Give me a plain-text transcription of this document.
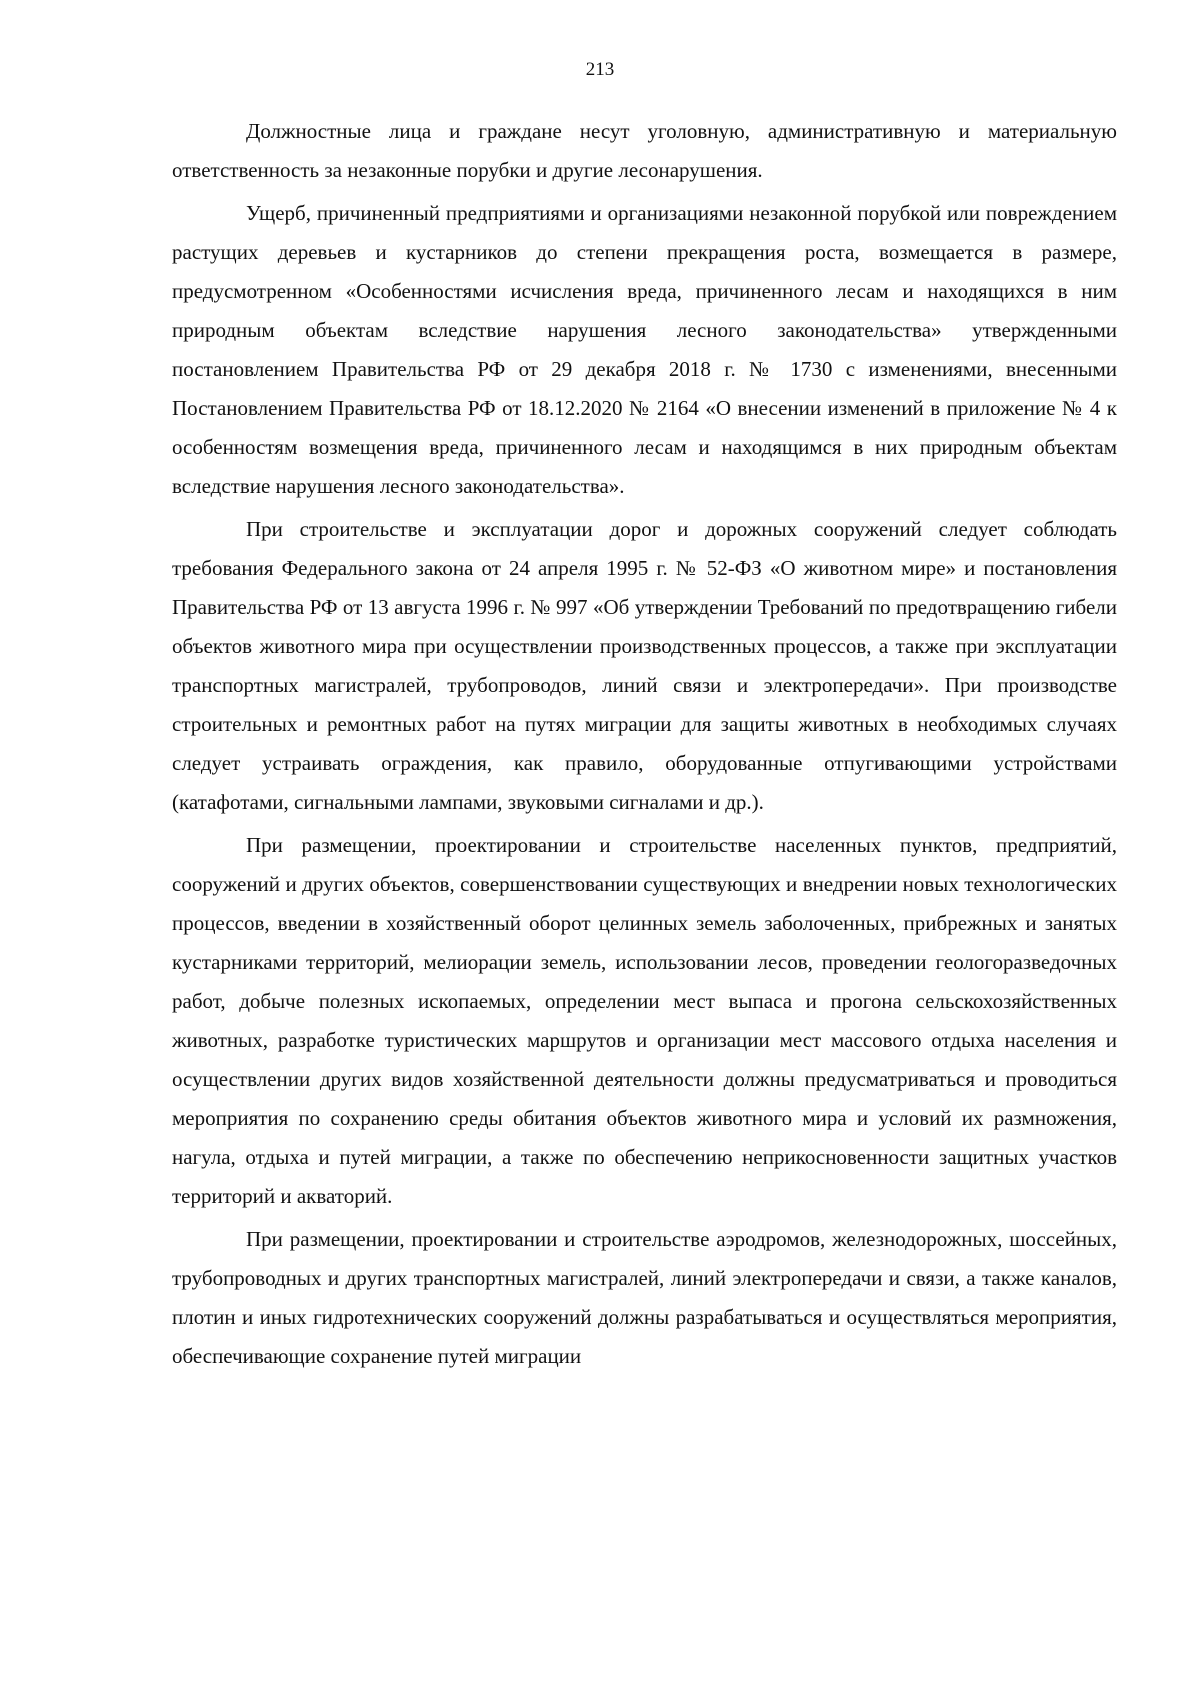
213

Должностные лица и граждане несут уголовную, административную и материальную ответственность за незаконные порубки и другие лесонарушения.

Ущерб, причиненный предприятиями и организациями незаконной порубкой или повреждением растущих деревьев и кустарников до степени прекращения роста, возмещается в размере, предусмотренном «Особенностями исчисления вреда, причиненного лесам и находящихся в ним природным объектам вследствие нарушения лесного законодательства» утвержденными постановлением Правительства РФ от 29 декабря 2018 г. № 1730 с изменениями, внесенными Постановлением Правительства РФ от 18.12.2020 № 2164 «О внесении изменений в приложение № 4 к особенностям возмещения вреда, причиненного лесам и находящимся в них природным объектам вследствие нарушения лесного законодательства».

При строительстве и эксплуатации дорог и дорожных сооружений следует соблюдать требования Федерального закона от 24 апреля 1995 г. № 52-ФЗ «О животном мире» и постановления Правительства РФ от 13 августа 1996 г. № 997 «Об утверждении Требований по предотвращению гибели объектов животного мира при осуществлении производственных процессов, а также при эксплуатации транспортных магистралей, трубопроводов, линий связи и электропередачи». При производстве строительных и ремонтных работ на путях миграции для защиты животных в необходимых случаях следует устраивать ограждения, как правило, оборудованные отпугивающими устройствами (катафотами, сигнальными лампами, звуковыми сигналами и др.).

При размещении, проектировании и строительстве населенных пунктов, предприятий, сооружений и других объектов, совершенствовании существующих и внедрении новых технологических процессов, введении в хозяйственный оборот целинных земель заболоченных, прибрежных и занятых кустарниками территорий, мелиорации земель, использовании лесов, проведении геологоразведочных работ, добыче полезных ископаемых, определении мест выпаса и прогона сельскохозяйственных животных, разработке туристических маршрутов и организации мест массового отдыха населения и осуществлении других видов хозяйственной деятельности должны предусматриваться и проводиться мероприятия по сохранению среды обитания объектов животного мира и условий их размножения, нагула, отдыха и путей миграции, а также по обеспечению неприкосновенности защитных участков территорий и акваторий.

При размещении, проектировании и строительстве аэродромов, железнодорожных, шоссейных, трубопроводных и других транспортных магистралей, линий электропередачи и связи, а также каналов, плотин и иных гидротехнических сооружений должны разрабатываться и осуществляться мероприятия, обеспечивающие сохранение путей миграции
